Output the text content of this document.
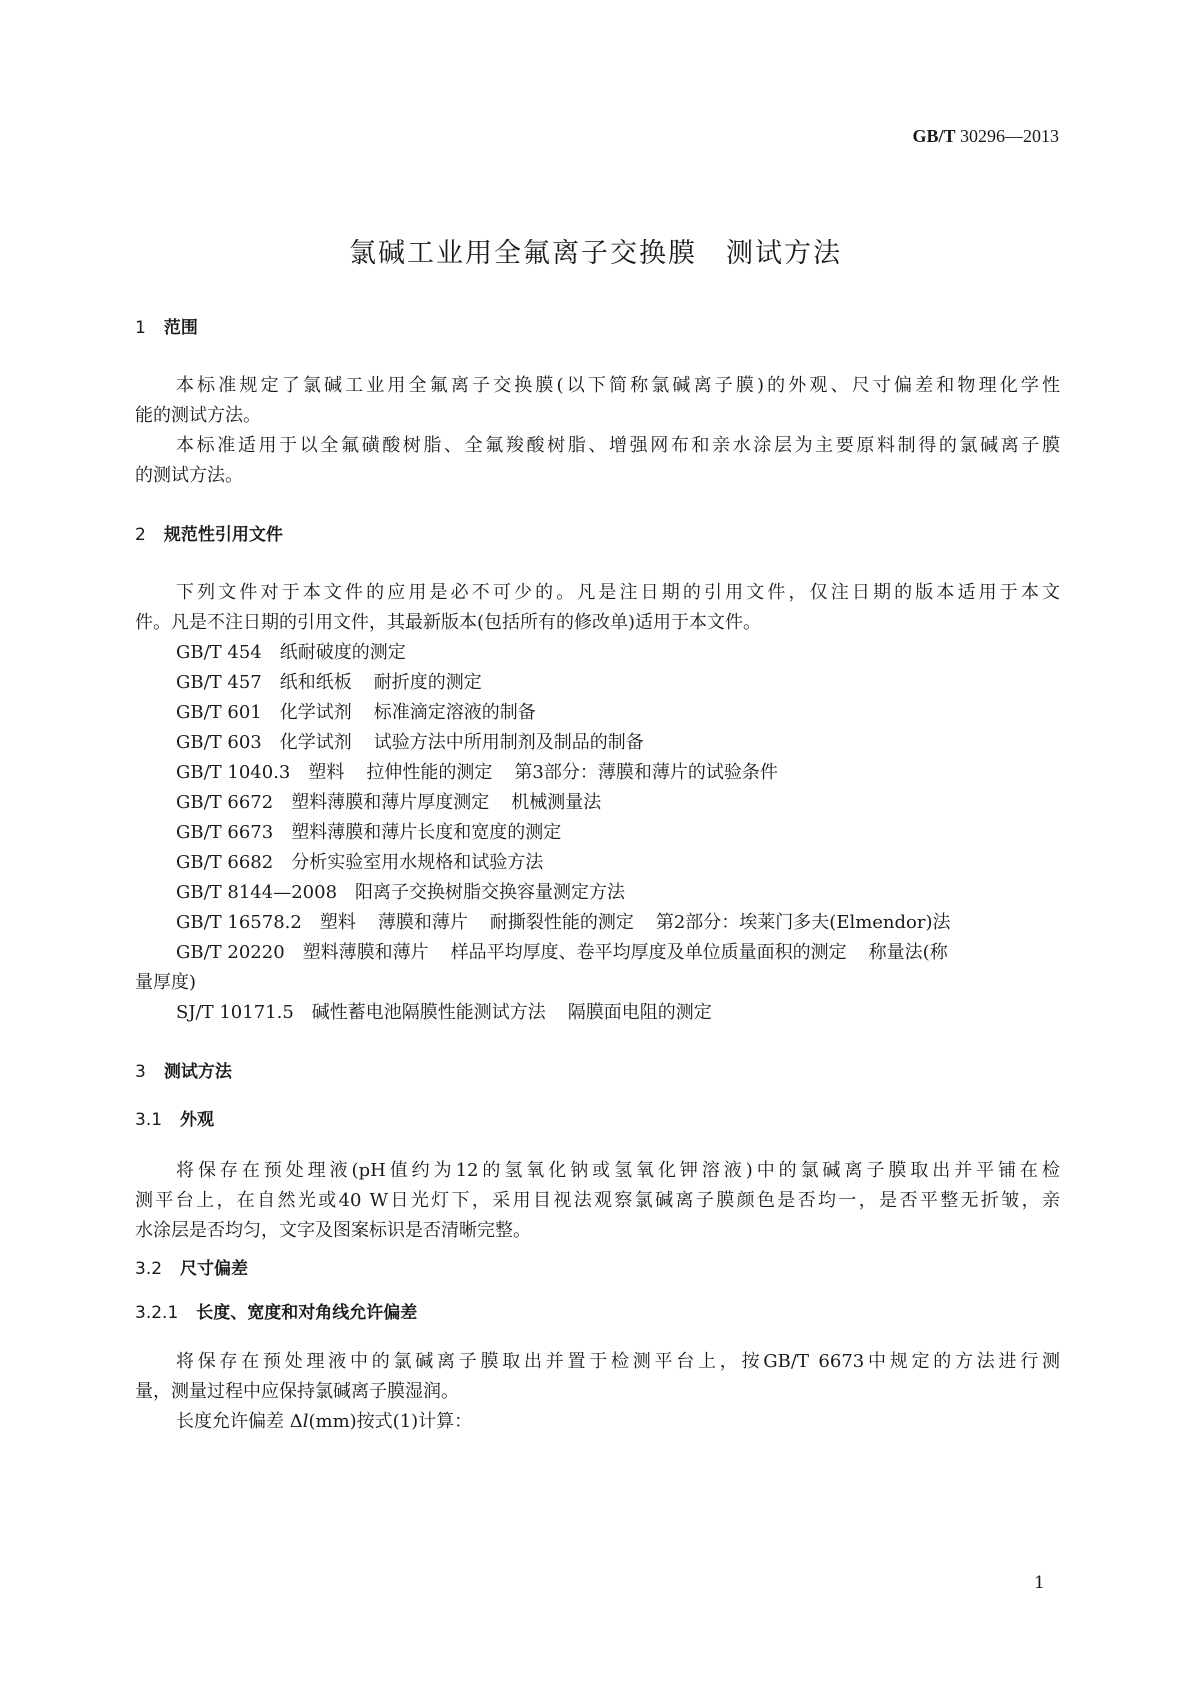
GB/T 30296—2013
氯碱工业用全氟离子交换膜　测试方法
1 范围
本标准规定了氯碱工业用全氟离子交换膜(以下简称氯碱离子膜)的外观、尺寸偏差和物理化学性
能的测试方法。
本标准适用于以全氟磺酸树脂、全氟羧酸树脂、增强网布和亲水涂层为主要原料制得的氯碱离子膜
的测试方法。
2 规范性引用文件
下列文件对于本文件的应用是必不可少的。凡是注日期的引用文件，仅注日期的版本适用于本文
件。凡是不注日期的引用文件，其最新版本(包括所有的修改单)适用于本文件。
GB/T 454 纸耐破度的测定
GB/T 457 纸和纸板 耐折度的测定
GB/T 601 化学试剂 标准滴定溶液的制备
GB/T 603 化学试剂 试验方法中所用制剂及制品的制备
GB/T 1040.3 塑料 拉伸性能的测定 第3部分：薄膜和薄片的试验条件
GB/T 6672 塑料薄膜和薄片厚度测定 机械测量法
GB/T 6673 塑料薄膜和薄片长度和宽度的测定
GB/T 6682 分析实验室用水规格和试验方法
GB/T 8144—2008 阳离子交换树脂交换容量测定方法
GB/T 16578.2 塑料 薄膜和薄片 耐撕裂性能的测定 第2部分：埃莱门多夫(Elmendor)法
GB/T 20220 塑料薄膜和薄片 样品平均厚度、卷平均厚度及单位质量面积的测定 称量法(称
量厚度)
SJ/T 10171.5 碱性蓄电池隔膜性能测试方法 隔膜面电阻的测定
3 测试方法
3.1 外观
将保存在预处理液(pH值约为12的氢氧化钠或氢氧化钾溶液)中的氯碱离子膜取出并平铺在检
测平台上，在自然光或40 W日光灯下，采用目视法观察氯碱离子膜颜色是否均一，是否平整无折皱，亲
水涂层是否均匀，文字及图案标识是否清晰完整。
3.2 尺寸偏差
3.2.1 长度、宽度和对角线允许偏差
将保存在预处理液中的氯碱离子膜取出并置于检测平台上，按GB/T 6673中规定的方法进行测
量，测量过程中应保持氯碱离子膜湿润。
长度允许偏差 Δl(mm)按式(1)计算：
1
